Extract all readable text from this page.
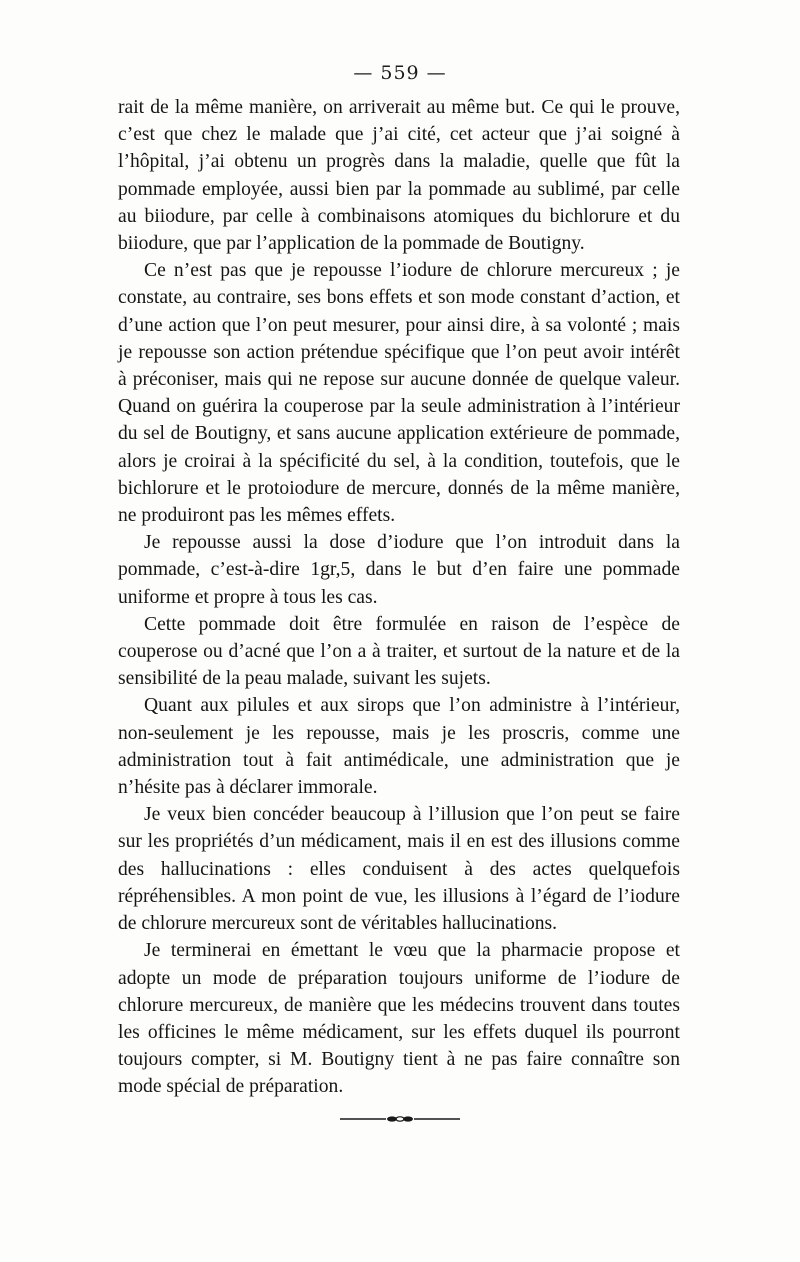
— 559 —

rait de la même manière, on arriverait au même but. Ce qui le prouve, c’est que chez le malade que j’ai cité, cet acteur que j’ai soigné à l’hôpital, j’ai obtenu un progrès dans la maladie, quelle que fût la pommade employée, aussi bien par la pommade au sublimé, par celle au biiodure, par celle à combinaisons atomiques du bichlorure et du biiodure, que par l’application de la pommade de Boutigny.

Ce n’est pas que je repousse l’iodure de chlorure mercureux ; je constate, au contraire, ses bons effets et son mode constant d’action, et d’une action que l’on peut mesurer, pour ainsi dire, à sa volonté ; mais je repousse son action prétendue spécifique que l’on peut avoir intérêt à préconiser, mais qui ne repose sur aucune donnée de quelque valeur. Quand on guérira la couperose par la seule administration à l’intérieur du sel de Boutigny, et sans aucune application extérieure de pommade, alors je croirai à la spécificité du sel, à la condition, toutefois, que le bichlorure et le protoiodure de mercure, donnés de la même manière, ne produiront pas les mêmes effets.

Je repousse aussi la dose d’iodure que l’on introduit dans la pommade, c’est-à-dire 1gr,5, dans le but d’en faire une pommade uniforme et propre à tous les cas.

Cette pommade doit être formulée en raison de l’espèce de couperose ou d’acné que l’on a à traiter, et surtout de la nature et de la sensibilité de la peau malade, suivant les sujets.

Quant aux pilules et aux sirops que l’on administre à l’intérieur, non-seulement je les repousse, mais je les proscris, comme une administration tout à fait antimédicale, une administration que je n’hésite pas à déclarer immorale.

Je veux bien concéder beaucoup à l’illusion que l’on peut se faire sur les propriétés d’un médicament, mais il en est des illusions comme des hallucinations : elles conduisent à des actes quelquefois répréhensibles. A mon point de vue, les illusions à l’égard de l’iodure de chlorure mercureux sont de véritables hallucinations.

Je terminerai en émettant le vœu que la pharmacie propose et adopte un mode de préparation toujours uniforme de l’iodure de chlorure mercureux, de manière que les médecins trouvent dans toutes les officines le même médicament, sur les effets duquel ils pourront toujours compter, si M. Boutigny tient à ne pas faire connaître son mode spécial de préparation.
